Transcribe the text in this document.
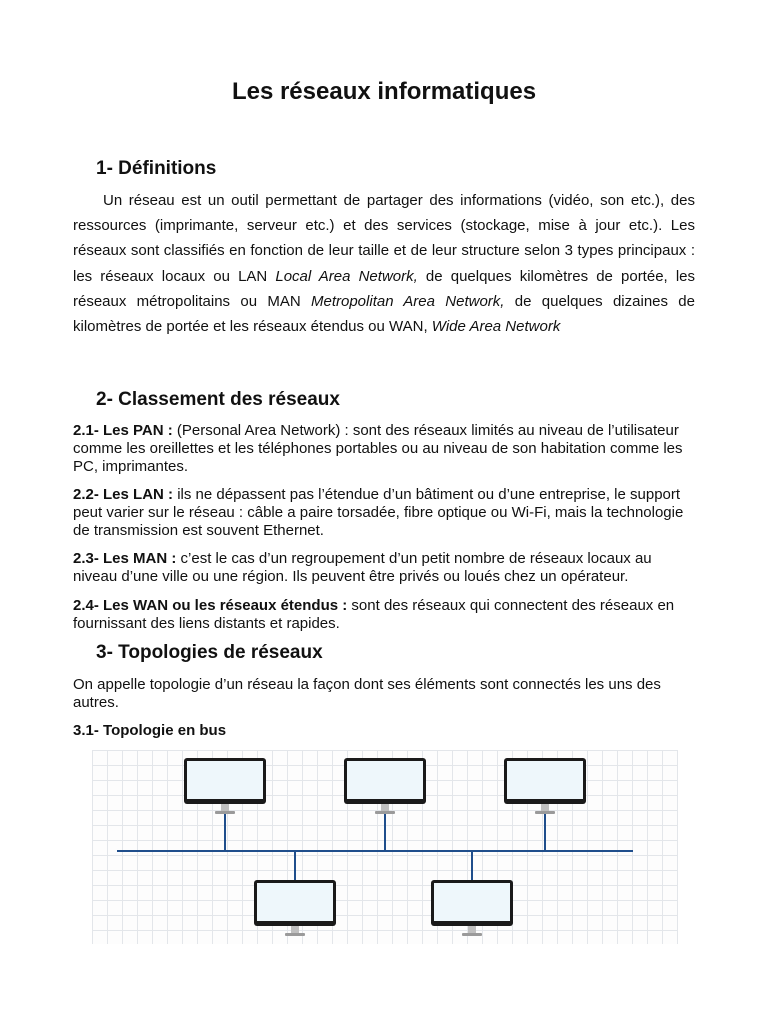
Les réseaux informatiques
1- Définitions

Un réseau est un outil permettant de partager des informations (vidéo, son etc.), des ressources (imprimante, serveur etc.) et des services (stockage, mise à jour etc.). Les réseaux sont classifiés en fonction de leur taille et de leur structure selon 3 types principaux : les réseaux locaux ou LAN Local Area Network, de quelques kilomètres de portée, les réseaux métropolitains ou MAN Metropolitan Area Network, de quelques dizaines de kilomètres de portée et les réseaux étendus ou WAN, Wide Area Network

2- Classement des réseaux

2.1- Les PAN : (Personal Area Network) : sont des réseaux limités au niveau de l’utilisateur comme les oreillettes et les téléphones portables ou au niveau de son habitation comme les PC, imprimantes.

2.2- Les LAN : ils ne dépassent pas l’étendue d’un bâtiment ou d’une entreprise, le support peut varier sur le réseau : câble a paire torsadée, fibre optique ou Wi-Fi, mais la technologie de transmission est souvent Ethernet.

2.3- Les MAN : c’est le cas d’un regroupement d’un petit nombre de réseaux locaux au niveau d’une ville ou une région. Ils peuvent être privés ou loués chez un opérateur.

2.4- Les WAN ou les réseaux étendus : sont des réseaux qui connectent des réseaux en fournissant des liens distants et rapides.

3- Topologies de réseaux

On appelle topologie d’un réseau la façon dont ses éléments sont connectés les uns des autres.

3.1- Topologie en bus
